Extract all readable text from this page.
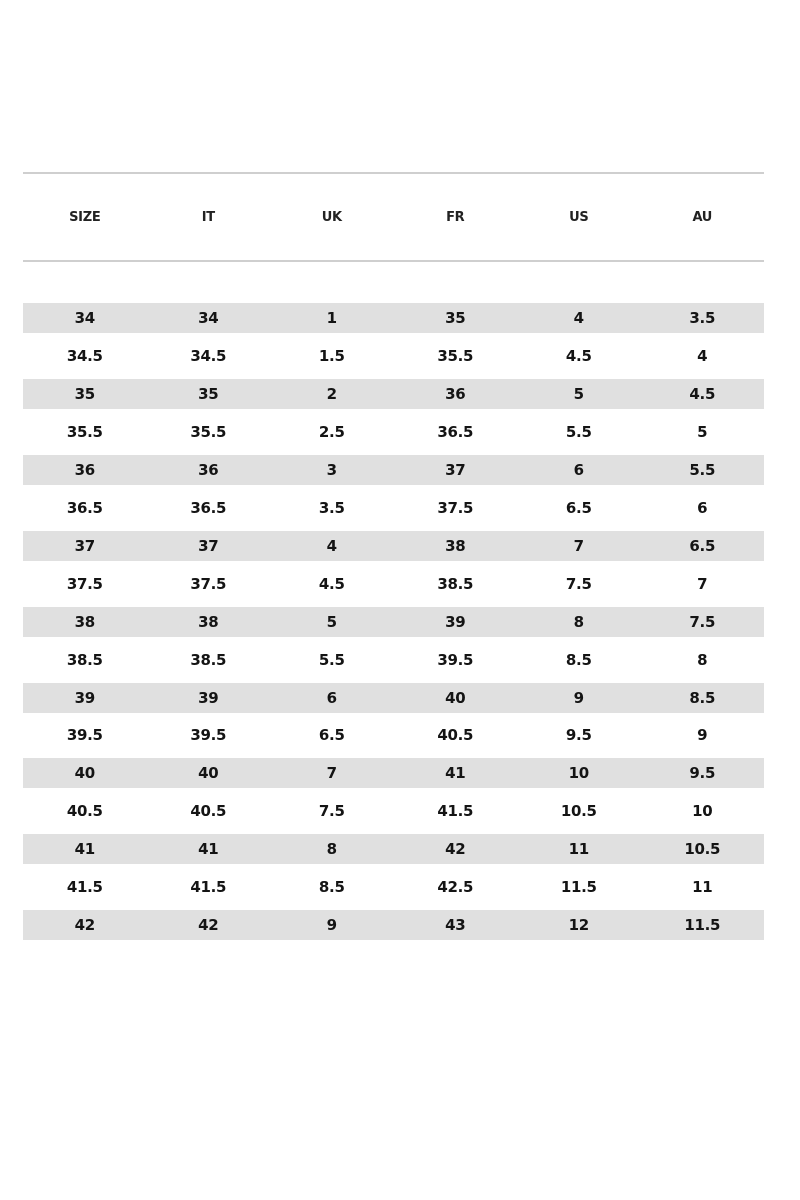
SIZE	IT	UK	FR	US	AU
34	34	1	35	4	3.5
34.5	34.5	1.5	35.5	4.5	4
35	35	2	36	5	4.5
35.5	35.5	2.5	36.5	5.5	5
36	36	3	37	6	5.5
36.5	36.5	3.5	37.5	6.5	6
37	37	4	38	7	6.5
37.5	37.5	4.5	38.5	7.5	7
38	38	5	39	8	7.5
38.5	38.5	5.5	39.5	8.5	8
39	39	6	40	9	8.5
39.5	39.5	6.5	40.5	9.5	9
40	40	7	41	10	9.5
40.5	40.5	7.5	41.5	10.5	10
41	41	8	42	11	10.5
41.5	41.5	8.5	42.5	11.5	11
42	42	9	43	12	11.5
